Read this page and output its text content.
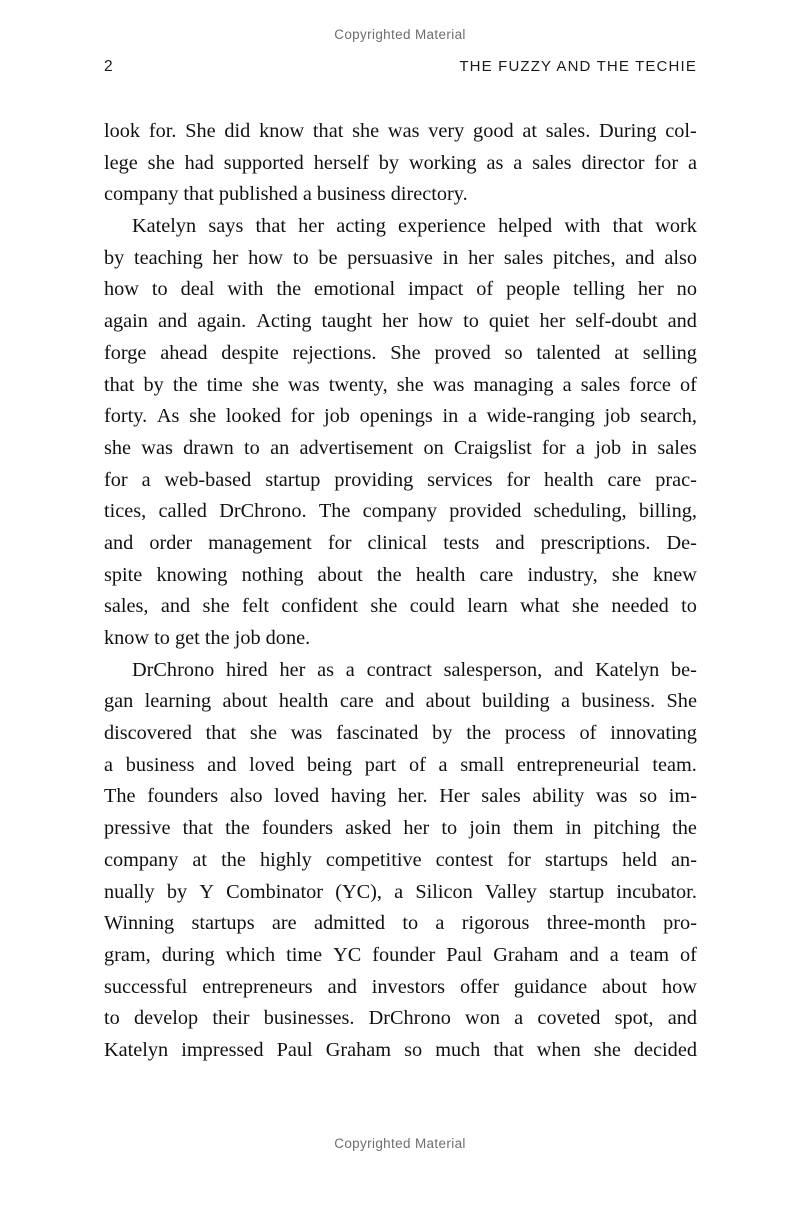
Copyrighted Material
2	THE FUZZY AND THE TECHIE
look for. She did know that she was very good at sales. During col-
lege she had supported herself by working as a sales director for a
company that published a business directory.
Katelyn says that her acting experience helped with that work
by teaching her how to be persuasive in her sales pitches, and also
how to deal with the emotional impact of people telling her no
again and again. Acting taught her how to quiet her self-doubt and
forge ahead despite rejections. She proved so talented at selling
that by the time she was twenty, she was managing a sales force of
forty. As she looked for job openings in a wide-ranging job search,
she was drawn to an advertisement on Craigslist for a job in sales
for a web-based startup providing services for health care prac-
tices, called DrChrono. The company provided scheduling, billing,
and order management for clinical tests and prescriptions. De-
spite knowing nothing about the health care industry, she knew
sales, and she felt confident she could learn what she needed to
know to get the job done.
DrChrono hired her as a contract salesperson, and Katelyn be-
gan learning about health care and about building a business. She
discovered that she was fascinated by the process of innovating
a business and loved being part of a small entrepreneurial team.
The founders also loved having her. Her sales ability was so im-
pressive that the founders asked her to join them in pitching the
company at the highly competitive contest for startups held an-
nually by Y Combinator (YC), a Silicon Valley startup incubator.
Winning startups are admitted to a rigorous three-month pro-
gram, during which time YC founder Paul Graham and a team of
successful entrepreneurs and investors offer guidance about how
to develop their businesses. DrChrono won a coveted spot, and
Katelyn impressed Paul Graham so much that when she decided
Copyrighted Material
